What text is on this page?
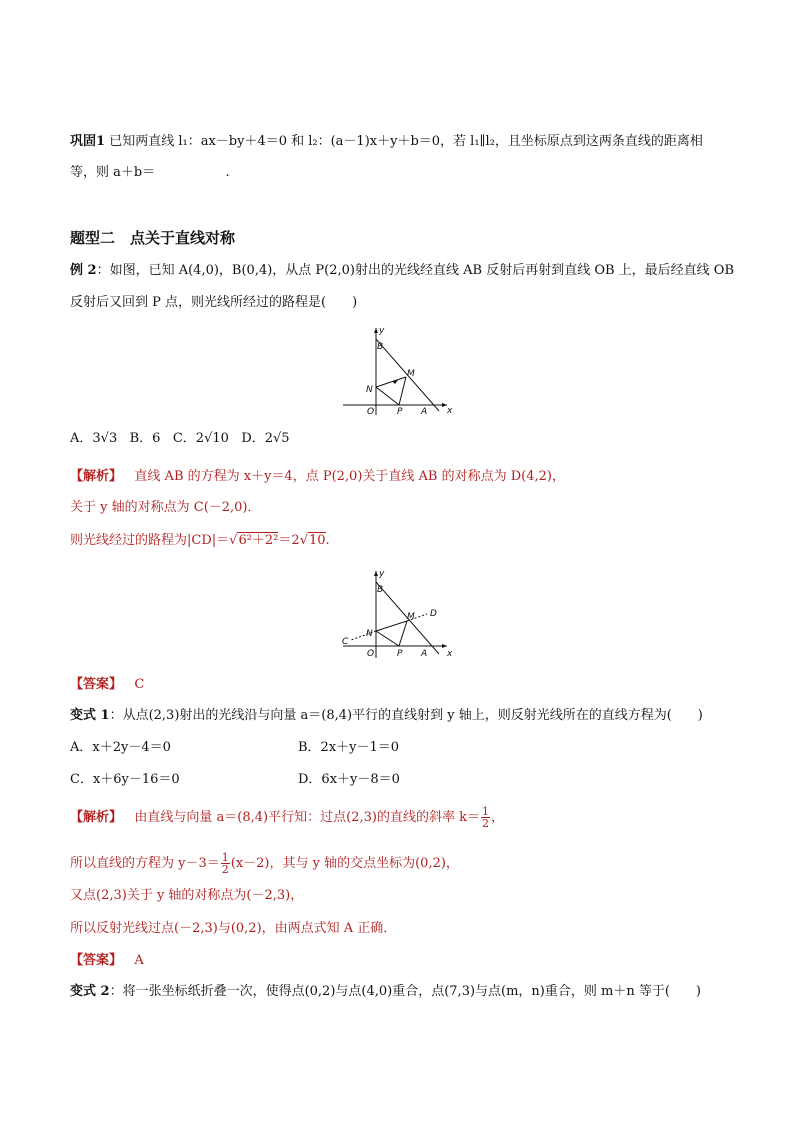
巩固1 已知两直线 l₁：ax－by＋4＝0 和 l₂：(a－1)x＋y＋b＝0，若 l₁∥l₂，且坐标原点到这两条直线的距离相
等，则 a＋b＝	.
题型二　点关于直线对称
例 2：如图，已知 A(4,0)，B(0,4)，从点 P(2,0)射出的光线经直线 AB 反射后再射到直线 OB 上，最后经直线 OB
反射后又回到 P 点，则光线所经过的路程是(　　)
y
x
B
M
N
O	P A
A．3√3 B．6 C．2√10 D．2√5
【解析】 直线 AB 的方程为 x＋y＝4，点 P(2,0)关于直线 AB 的对称点为 D(4,2)，
关于 y 轴的对称点为 C(－2,0)．
则光线经过的路程为|CD|＝√6²＋2²＝2√10.
y
x
B
M D
N
C
O	P A
【答案】 C
变式 1：从点(2,3)射出的光线沿与向量 a＝(8,4)平行的直线射到 y 轴上，则反射光线所在的直线方程为(　　)
A．x＋2y－4＝0	B．2x＋y－1＝0
C．x＋6y－16＝0	D．6x＋y－8＝0
【解析】 由直线与向量 a＝(8,4)平行知：过点(2,3)的直线的斜率 $k= \frac{1}{2}$ ，
所以直线的方程为 $y-3= \frac{1}{2} (x-2)$，其与 y 轴的交点坐标为(0,2)，
又点(2,3)关于 y 轴的对称点为(－2,3)，
所以反射光线过点(－2,3)与(0,2)，由两点式知 A 正确．
【答案】 A
变式 2：将一张坐标纸折叠一次，使得点(0,2)与点(4,0)重合，点(7,3)与点(m，n)重合，则 m＋n 等于(　　)
